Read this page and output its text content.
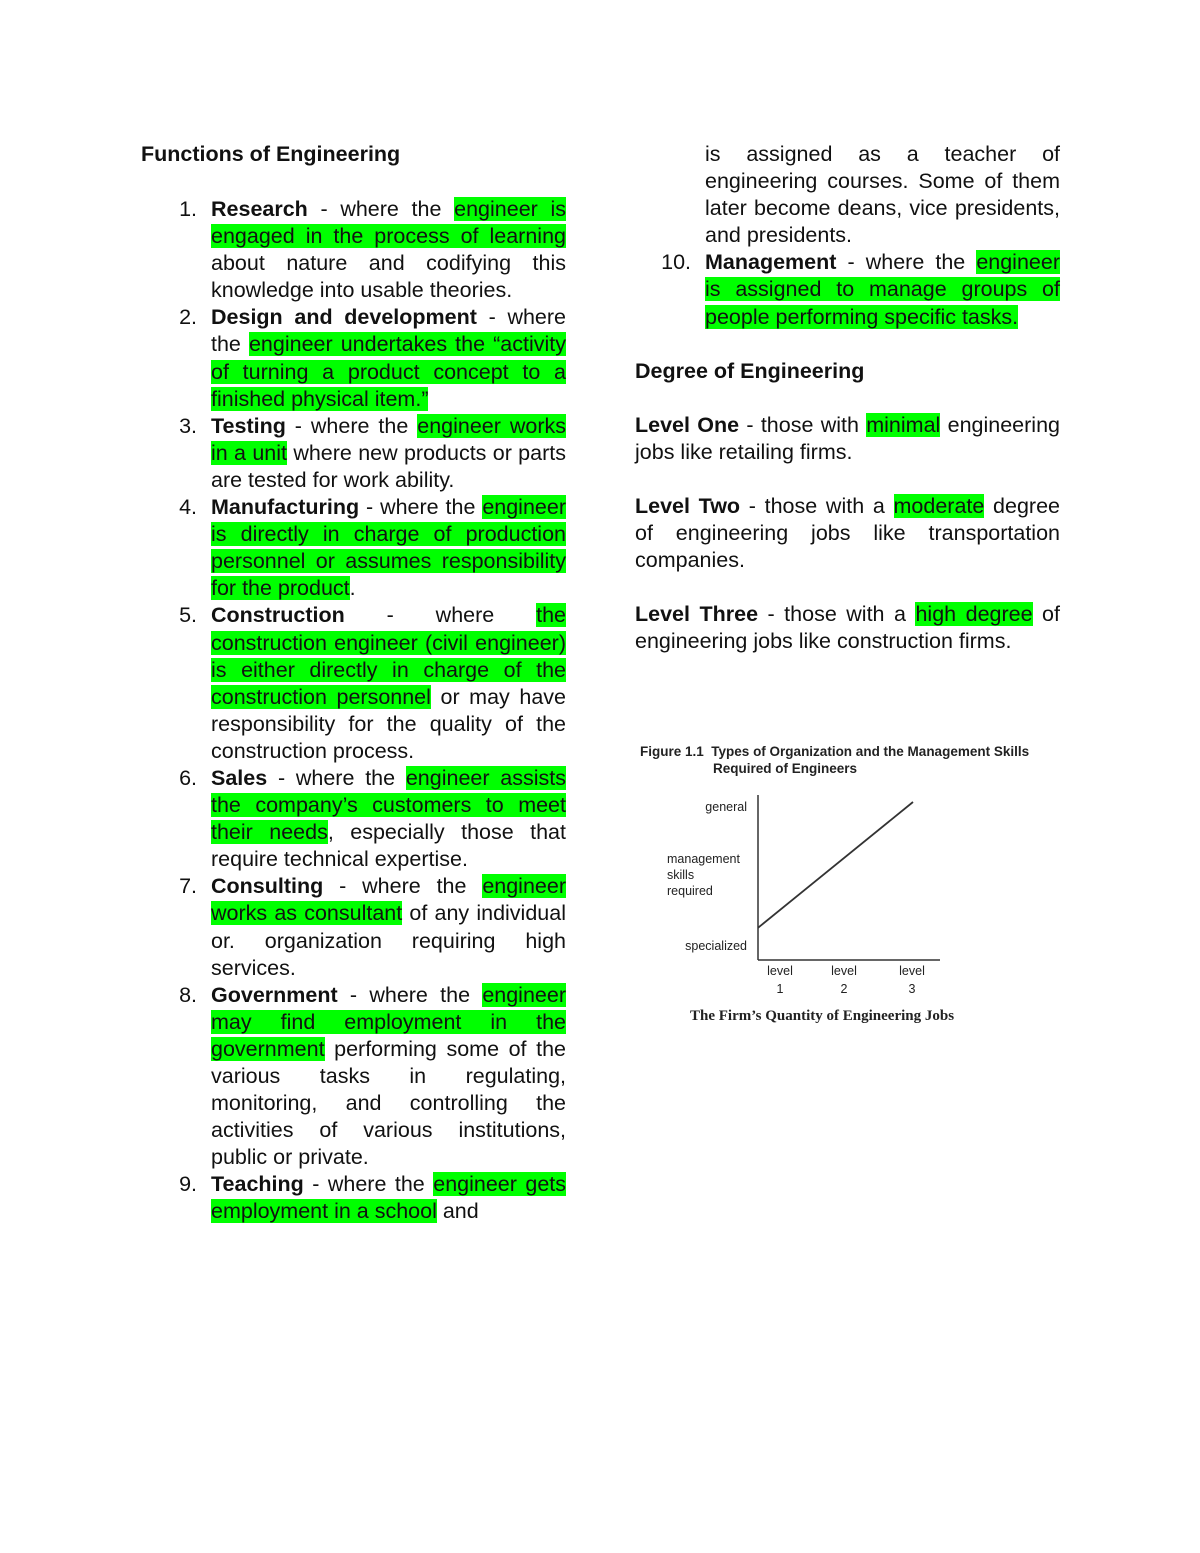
Functions of Engineering
1. Research - where the engineer is engaged in the process of learning about nature and codifying this knowledge into usable theories.
2. Design and development - where the engineer undertakes the “activity of turning a product concept to a finished physical item.”
3. Testing - where the engineer works in a unit where new products or parts are tested for work ability.
4. Manufacturing - where the engineer is directly in charge of production personnel or assumes responsibility for the product.
5. Construction - where the construction engineer (civil engineer) is either directly in charge of the construction personnel or may have responsibility for the quality of the construction process.
6. Sales - where the engineer assists the company’s customers to meet their needs, especially those that require technical expertise.
7. Consulting - where the engineer works as consultant of any individual or. organization requiring high services.
8. Government - where the engineer may find employment in the government performing some of the various tasks in regulating, monitoring, and controlling the activities of various institutions, public or private.
9. Teaching - where the engineer gets employment in a school and
is assigned as a teacher of engineering courses. Some of them later become deans, vice presidents, and presidents.
10. Management - where the engineer is assigned to manage groups of people performing specific tasks.
Degree of Engineering
Level One - those with minimal engineering jobs like retailing firms.
Level Two - those with a moderate degree of engineering jobs like transportation companies.
Level Three - those with a high degree of engineering jobs like construction firms.
Figure 1.1 Types of Organization and the Management Skills
Required of Engineers
general
management
skills
required
specialized
level
1
level
2
level
3
The Firm’s Quantity of Engineering Jobs
